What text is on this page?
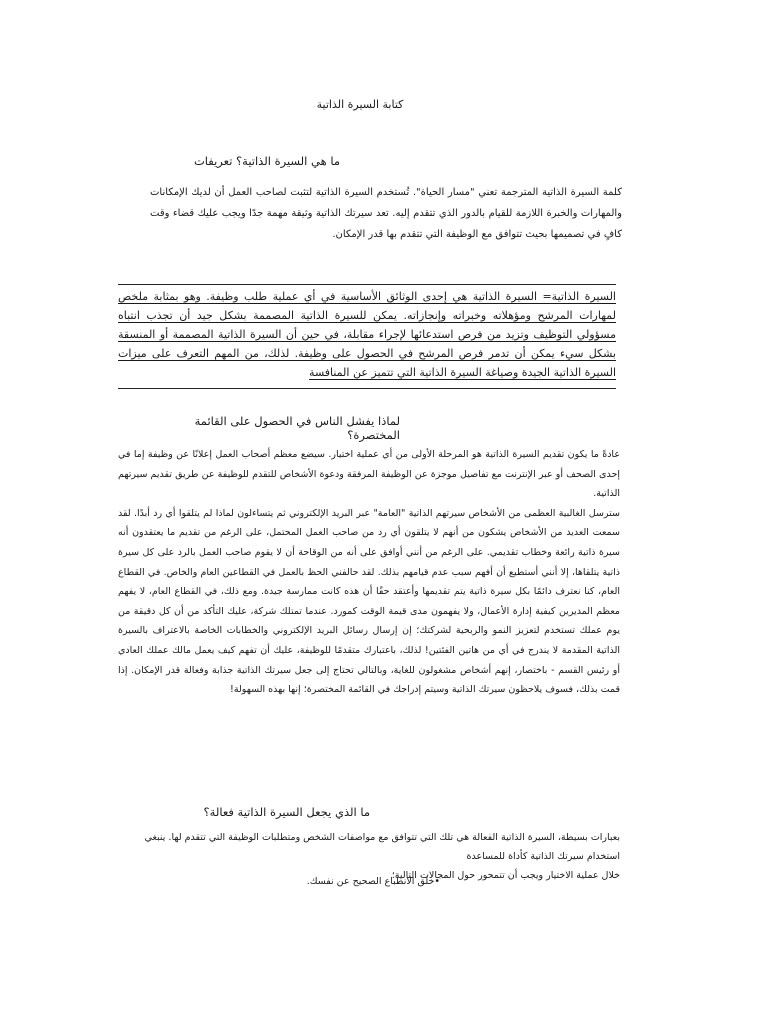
كتابة السيرة الذاتية
ما هي السيرة الذاتية؟ تعريفات
كلمة السيرة الذاتية المترجمة تعني "مسار الحياة". تُستخدم السيرة الذاتية لتثبت لصاحب العمل أن لديك الإمكانات والمهارات والخبرة اللازمة للقيام بالدور الذي تتقدم إليه. تعد سيرتك الذاتية وثيقة مهمة جدًا ويجب عليك قضاء وقت كافٍ في تصميمها بحيث تتوافق مع الوظيفة التي تتقدم بها قدر الإمكان.
السيرة الذاتية= السيرة الذاتية هي إحدى الوثائق الأساسية في أي عملية طلب وظيفة. وهو بمثابة ملخص لمهارات المرشح ومؤهلاته وخبراته وإنجازاته. يمكن للسيرة الذاتية المصممة بشكل جيد أن تجذب انتباه مسؤولي التوظيف وتزيد من فرص استدعائها لإجراء مقابلة، في حين أن السيرة الذاتية المصممة أو المنسقة بشكل سيء يمكن أن تدمر فرص المرشح في الحصول على وظيفة. لذلك، من المهم التعرف على ميزات السيرة الذاتية الجيدة وصياغة السيرة الذاتية التي تتميز عن المنافسة
لماذا يفشل الناس في الحصول على القائمة المختصرة؟

عادةً ما يكون تقديم السيرة الذاتية هو المرحلة الأولى من أي عملية اختيار. سيضع معظم أصحاب العمل إعلانًا عن وظيفة إما في إحدى الصحف أو عبر الإنترنت مع تفاصيل موجزة عن الوظيفة المرفقة ودعوة الأشخاص للتقدم للوظيفة عن طريق تقديم سيرتهم الذاتية.

سترسل الغالبية العظمى من الأشخاص سيرتهم الذاتية "العامة" عبر البريد الإلكتروني ثم يتساءلون لماذا لم يتلقوا أي رد أبدًا. لقد سمعت العديد من الأشخاص يشكون من أنهم لا يتلقون أي رد من صاحب العمل المحتمل، على الرغم من تقديم ما يعتقدون أنه سيرة ذاتية رائعة وخطاب تقديمي. على الرغم من أنني أوافق على أنه من الوقاحة أن لا يقوم صاحب العمل بالرد على كل سيرة ذاتية يتلقاها، إلا أنني أستطيع أن أفهم سبب عدم قيامهم بذلك. لقد حالفني الحظ بالعمل في القطاعين العام والخاص. في القطاع العام، كنا نعترف دائمًا بكل سيرة ذاتية يتم تقديمها وأعتقد حقًا أن هذه كانت ممارسة جيدة. ومع ذلك، في القطاع العام، لا يفهم معظم المديرين كيفية إدارة الأعمال، ولا يفهمون مدى قيمة الوقت كمورد. عندما تمتلك شركة، عليك التأكد من أن كل دقيقة من يوم عملك تستخدم لتعزيز النمو والربحية لشركتك؛ إن إرسال رسائل البريد الإلكتروني والخطابات الخاصة بالاعتراف بالسيرة الذاتية المقدمة لا يندرج في أي من هاتين الفئتين! لذلك، باعتبارك متقدمًا للوظيفة، عليك أن تفهم كيف يعمل مالك عملك العادي أو رئيس القسم - باختصار، إنهم أشخاص مشغولون للغاية، وبالتالي تحتاج إلى جعل سيرتك الذاتية جذابة وفعالة قدر الإمكان. إذا قمت بذلك، فسوف يلاحظون سيرتك الذاتية وسيتم إدراجك في القائمة المختصرة؛ إنها بهذه السهولة!

ما الذي يجعل السيرة الذاتية فعالة؟

بعبارات بسيطة، السيرة الذاتية الفعالة هي تلك التي تتوافق مع مواصفات الشخص ومتطلبات الوظيفة التي تتقدم لها. ينبغي استخدام سيرتك الذاتية كأداة للمساعدة

خلال عملية الاختيار ويجب أن تتمحور حول المجالات التالية؛

•خلق الانطباع الصحيح عن نفسك.
